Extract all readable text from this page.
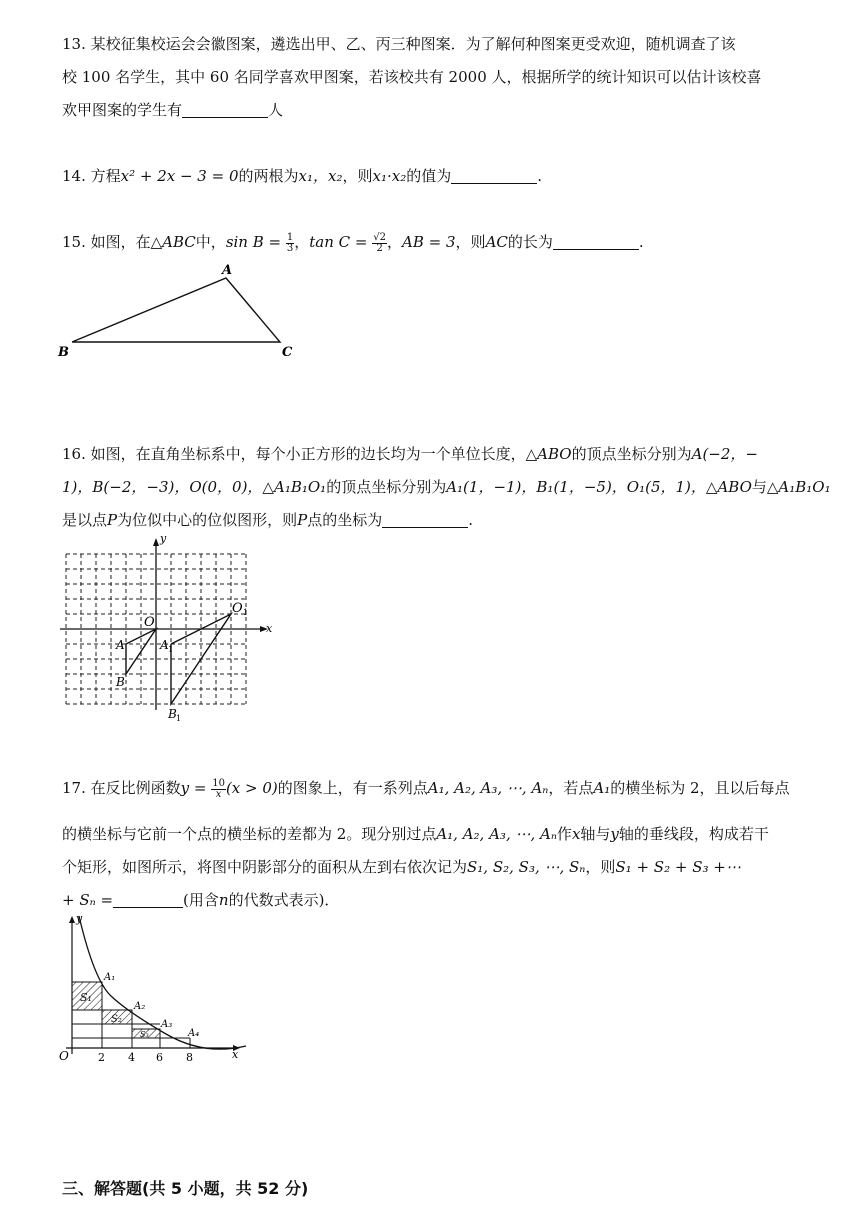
13. 某校征集校运会会徽图案，遴选出甲、乙、丙三种图案．为了解何种图案更受欢迎，随机调查了该
校 100 名学生，其中 60 名同学喜欢甲图案，若该校共有 2000 人，根据所学的统计知识可以估计该校喜
欢甲图案的学生有	人
14. 方程x² + 2x − 3 = 0的两根为x₁，x₂，则x₁·x₂的值为	.
15. 如图，在△ABC中，$\sin B = \frac{1}{3}$ ，$\tan C = \frac{√2}{2}$ ，AB = 3，则AC的长为	.
A
B	C
16. 如图，在直角坐标系中，每个小正方形的边长均为一个单位长度，△ABO的顶点坐标分别为A(−2，−
1)，B(−2，−3)，O(0，0)，△A₁B₁O₁的顶点坐标分别为A₁(1，−1)，B₁(1，−5)，O₁(5，1)，△ABO与△A₁B₁O₁
是以点P为位似中心的位似图形，则P点的坐标为	.
y
x
O
O 1
A	A 1
B
B 1
17. 在反比例函数$y = \frac{10}{x} (x > 0)$的图象上，有一系列点A₁, A₂, A₃, ⋯, Aₙ，若点A₁的横坐标为 2，且以后每点
的横坐标与它前一个点的横坐标的差都为 2。现分别过点A₁, A₂, A₃, ⋯, Aₙ作x轴与y轴的垂线段，构成若干
个矩形，如图所示，将图中阴影部分的面积从左到右依次记为S₁, S₂, S₃, ⋯, Sₙ，则S₁ + S₂ + S₃ +⋯
+ Sₙ =	(用含n的代数式表示)．
y
x
S₁
S₂
S₃
A₁
A₂
A₃
A₄
O	2 4 6 8
三、解答题(共 5 小题，共 52 分)
